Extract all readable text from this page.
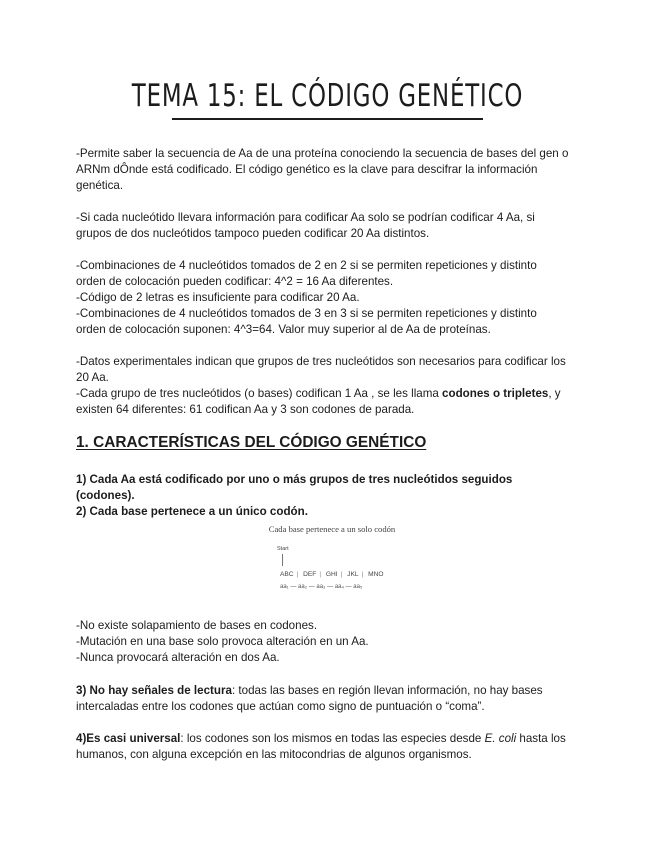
TEMA 15: EL CÓDIGO GENÉTICO

-Permite saber la secuencia de Aa de una proteína conociendo la secuencia de bases del gen o
ARNm dÔnde está codificado. El código genético es la clave para descifrar la información
genética.

-Si cada nucleótido llevara información para codificar Aa solo se podrían codificar 4 Aa, si
grupos de dos nucleótidos tampoco pueden codificar 20 Aa distintos.

-Combinaciones de 4 nucleótidos tomados de 2 en 2 si se permiten repeticiones y distinto
orden de colocación pueden codificar: 4^2 = 16 Aa diferentes.
-Código de 2 letras es insuficiente para codificar 20 Aa.
-Combinaciones de 4 nucleótidos tomados de 3 en 3 si se permiten repeticiones y distinto
orden de colocación suponen: 4^3=64. Valor muy superior al de Aa de proteínas.

-Datos experimentales indican que grupos de tres nucleótidos son necesarios para codificar los
20 Aa.
-Cada grupo de tres nucleótidos (o bases) codifican 1 Aa , se les llama codones o tripletes, y
existen 64 diferentes: 61 codifican Aa y 3 son codones de parada.

1. CARACTERÍSTICAS DEL CÓDIGO GENÉTICO

1) Cada Aa está codificado por uno o más grupos de tres nucleótidos seguidos
(codones).
2) Cada base pertenece a un único codón.

Cada base pertenece a un solo codón
Start
ABC | DEF | GHI | JKL | MNO
aa₁ — aa₂ — aa₃ — aa₄ — aa₅

-No existe solapamiento de bases en codones.
-Mutación en una base solo provoca alteración en un Aa.
-Nunca provocará alteración en dos Aa.

3) No hay señales de lectura: todas las bases en región llevan información, no hay bases
intercaladas entre los codones que actúan como signo de puntuación o “coma”.

4)Es casi universal: los codones son los mismos en todas las especies desde E. coli hasta los
humanos, con alguna excepción en las mitocondrias de algunos organismos.
